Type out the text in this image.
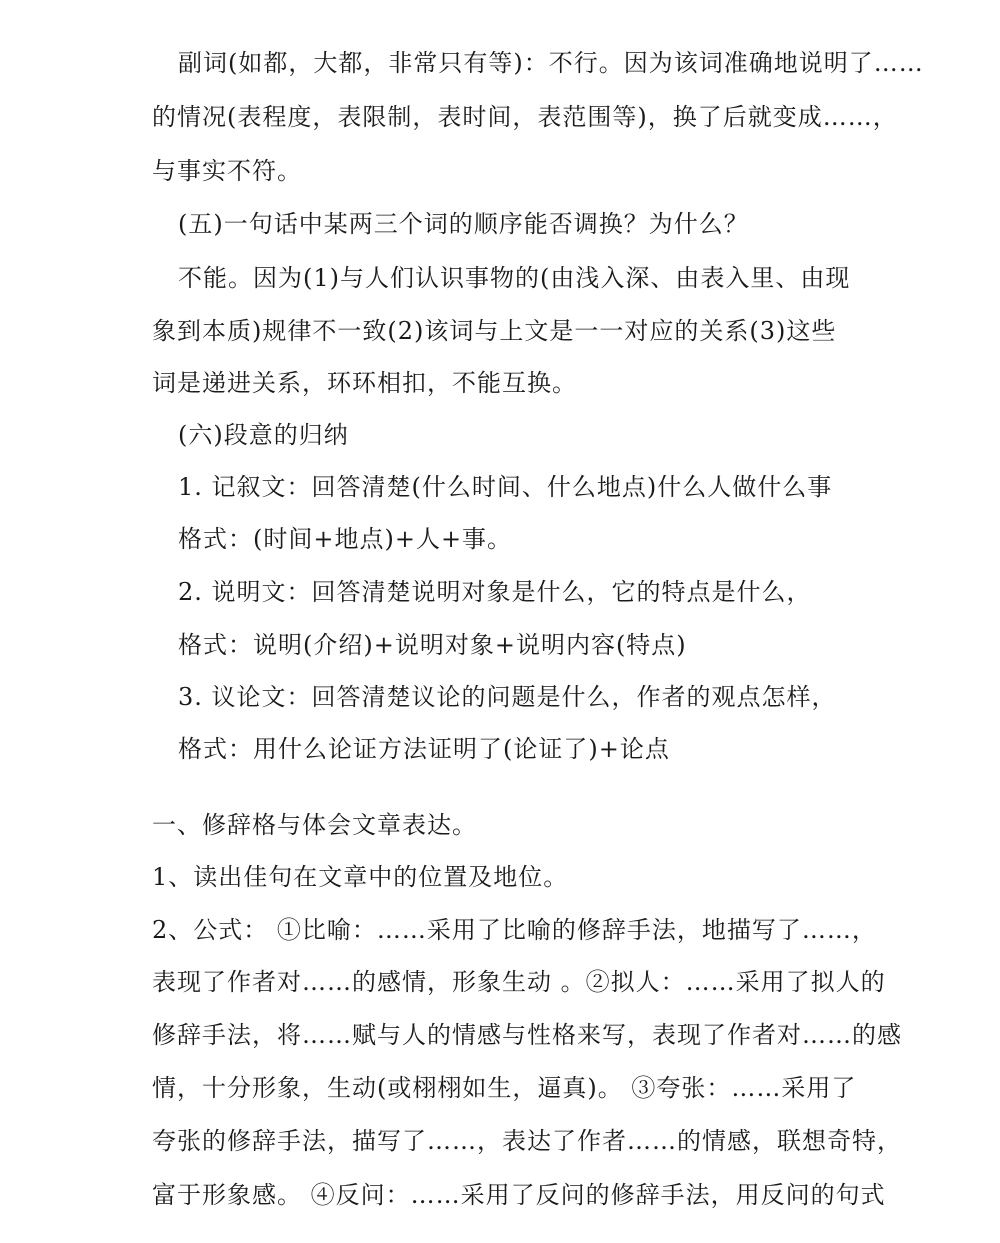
副词(如都，大都，非常只有等)：不行。因为该词准确地说明了……
的情况(表程度，表限制，表时间，表范围等)，换了后就变成……，
与事实不符。
(五)一句话中某两三个词的顺序能否调换？为什么？
不能。因为(1)与人们认识事物的(由浅入深、由表入里、由现
象到本质)规律不一致(2)该词与上文是一一对应的关系(3)这些
词是递进关系，环环相扣，不能互换。
(六)段意的归纳
1. 记叙文：回答清楚(什么时间、什么地点)什么人做什么事
格式：(时间+地点)+人+事。
2. 说明文：回答清楚说明对象是什么，它的特点是什么，
格式：说明(介绍)+说明对象+说明内容(特点)
3. 议论文：回答清楚议论的问题是什么，作者的观点怎样，
格式：用什么论证方法证明了(论证了)+论点
一、修辞格与体会文章表达。
1、读出佳句在文章中的位置及地位。
2、公式： ①比喻：……采用了比喻的修辞手法，地描写了……，
表现了作者对……的感情，形象生动 。②拟人：……采用了拟人的
修辞手法，将……赋与人的情感与性格来写，表现了作者对……的感
情，十分形象，生动(或栩栩如生，逼真)。 ③夸张：……采用了
夸张的修辞手法，描写了……，表达了作者……的情感，联想奇特，
富于形象感。 ④反问：……采用了反问的修辞手法，用反问的句式
